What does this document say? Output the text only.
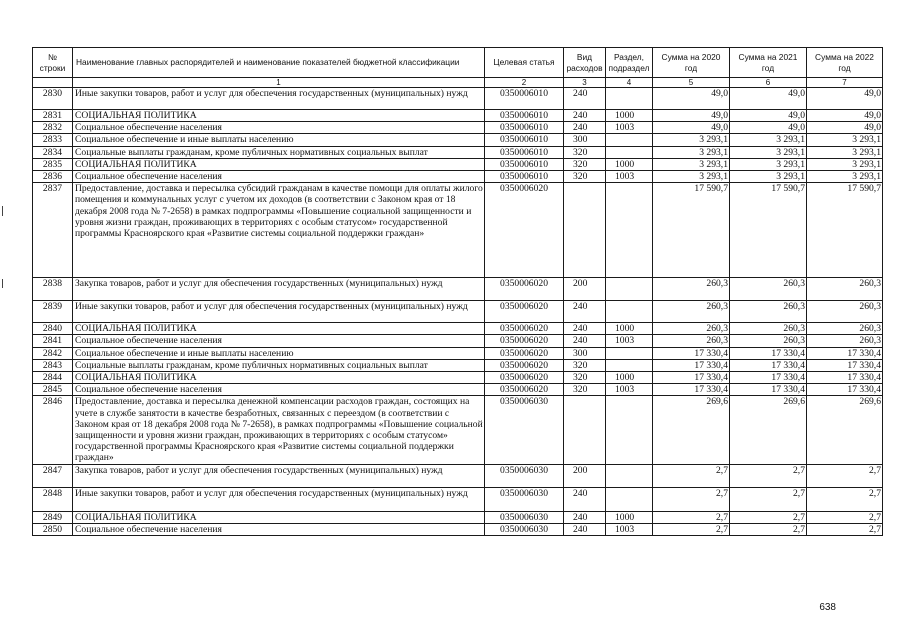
№ строки	Наименование главных распорядителей и наименование показателей бюджетной классификации	Целевая статья	Вид расходов	Раздел, подраздел	Сумма на 2020 год	Сумма на 2021 год	Сумма на 2022 год
	1	2	3	4	5	6	7
2830	Иные закупки товаров, работ и услуг для обеспечения государственных (муниципальных) нужд	0350006010	240		49,0	49,0	49,0
2831	СОЦИАЛЬНАЯ ПОЛИТИКА	0350006010	240	1000	49,0	49,0	49,0
2832	Социальное обеспечение населения	0350006010	240	1003	49,0	49,0	49,0
2833	Социальное обеспечение и иные выплаты населению	0350006010	300		3 293,1	3 293,1	3 293,1
2834	Социальные выплаты гражданам, кроме публичных нормативных социальных выплат	0350006010	320		3 293,1	3 293,1	3 293,1
2835	СОЦИАЛЬНАЯ ПОЛИТИКА	0350006010	320	1000	3 293,1	3 293,1	3 293,1
2836	Социальное обеспечение населения	0350006010	320	1003	3 293,1	3 293,1	3 293,1
2837	Предоставление, доставка и пересылка субсидий гражданам в качестве помощи для оплаты жилого помещения и коммунальных услуг с учетом их доходов (в соответствии с Законом края от 18 декабря 2008 года № 7-2658) в рамках подпрограммы «Повышение социальной защищенности и уровня жизни граждан, проживающих в территориях с особым статусом» государственной программы Красноярского края «Развитие системы социальной поддержки граждан»	0350006020			17 590,7	17 590,7	17 590,7
2838	Закупка товаров, работ и услуг для обеспечения государственных (муниципальных) нужд	0350006020	200		260,3	260,3	260,3
2839	Иные закупки товаров, работ и услуг для обеспечения государственных (муниципальных) нужд	0350006020	240		260,3	260,3	260,3
2840	СОЦИАЛЬНАЯ ПОЛИТИКА	0350006020	240	1000	260,3	260,3	260,3
2841	Социальное обеспечение населения	0350006020	240	1003	260,3	260,3	260,3
2842	Социальное обеспечение и иные выплаты населению	0350006020	300		17 330,4	17 330,4	17 330,4
2843	Социальные выплаты гражданам, кроме публичных нормативных социальных выплат	0350006020	320		17 330,4	17 330,4	17 330,4
2844	СОЦИАЛЬНАЯ ПОЛИТИКА	0350006020	320	1000	17 330,4	17 330,4	17 330,4
2845	Социальное обеспечение населения	0350006020	320	1003	17 330,4	17 330,4	17 330,4
2846	Предоставление, доставка и пересылка денежной компенсации расходов граждан, состоящих на учете в службе занятости в качестве безработных, связанных с переездом (в соответствии с Законом края от 18 декабря 2008 года № 7-2658), в рамках подпрограммы «Повышение социальной защищенности и уровня жизни граждан, проживающих в территориях с особым статусом» государственной программы Красноярского края «Развитие системы социальной поддержки граждан»	0350006030			269,6	269,6	269,6
2847	Закупка товаров, работ и услуг для обеспечения государственных (муниципальных) нужд	0350006030	200		2,7	2,7	2,7
2848	Иные закупки товаров, работ и услуг для обеспечения государственных (муниципальных) нужд	0350006030	240		2,7	2,7	2,7
2849	СОЦИАЛЬНАЯ ПОЛИТИКА	0350006030	240	1000	2,7	2,7	2,7
2850	Социальное обеспечение населения	0350006030	240	1003	2,7	2,7	2,7
638
